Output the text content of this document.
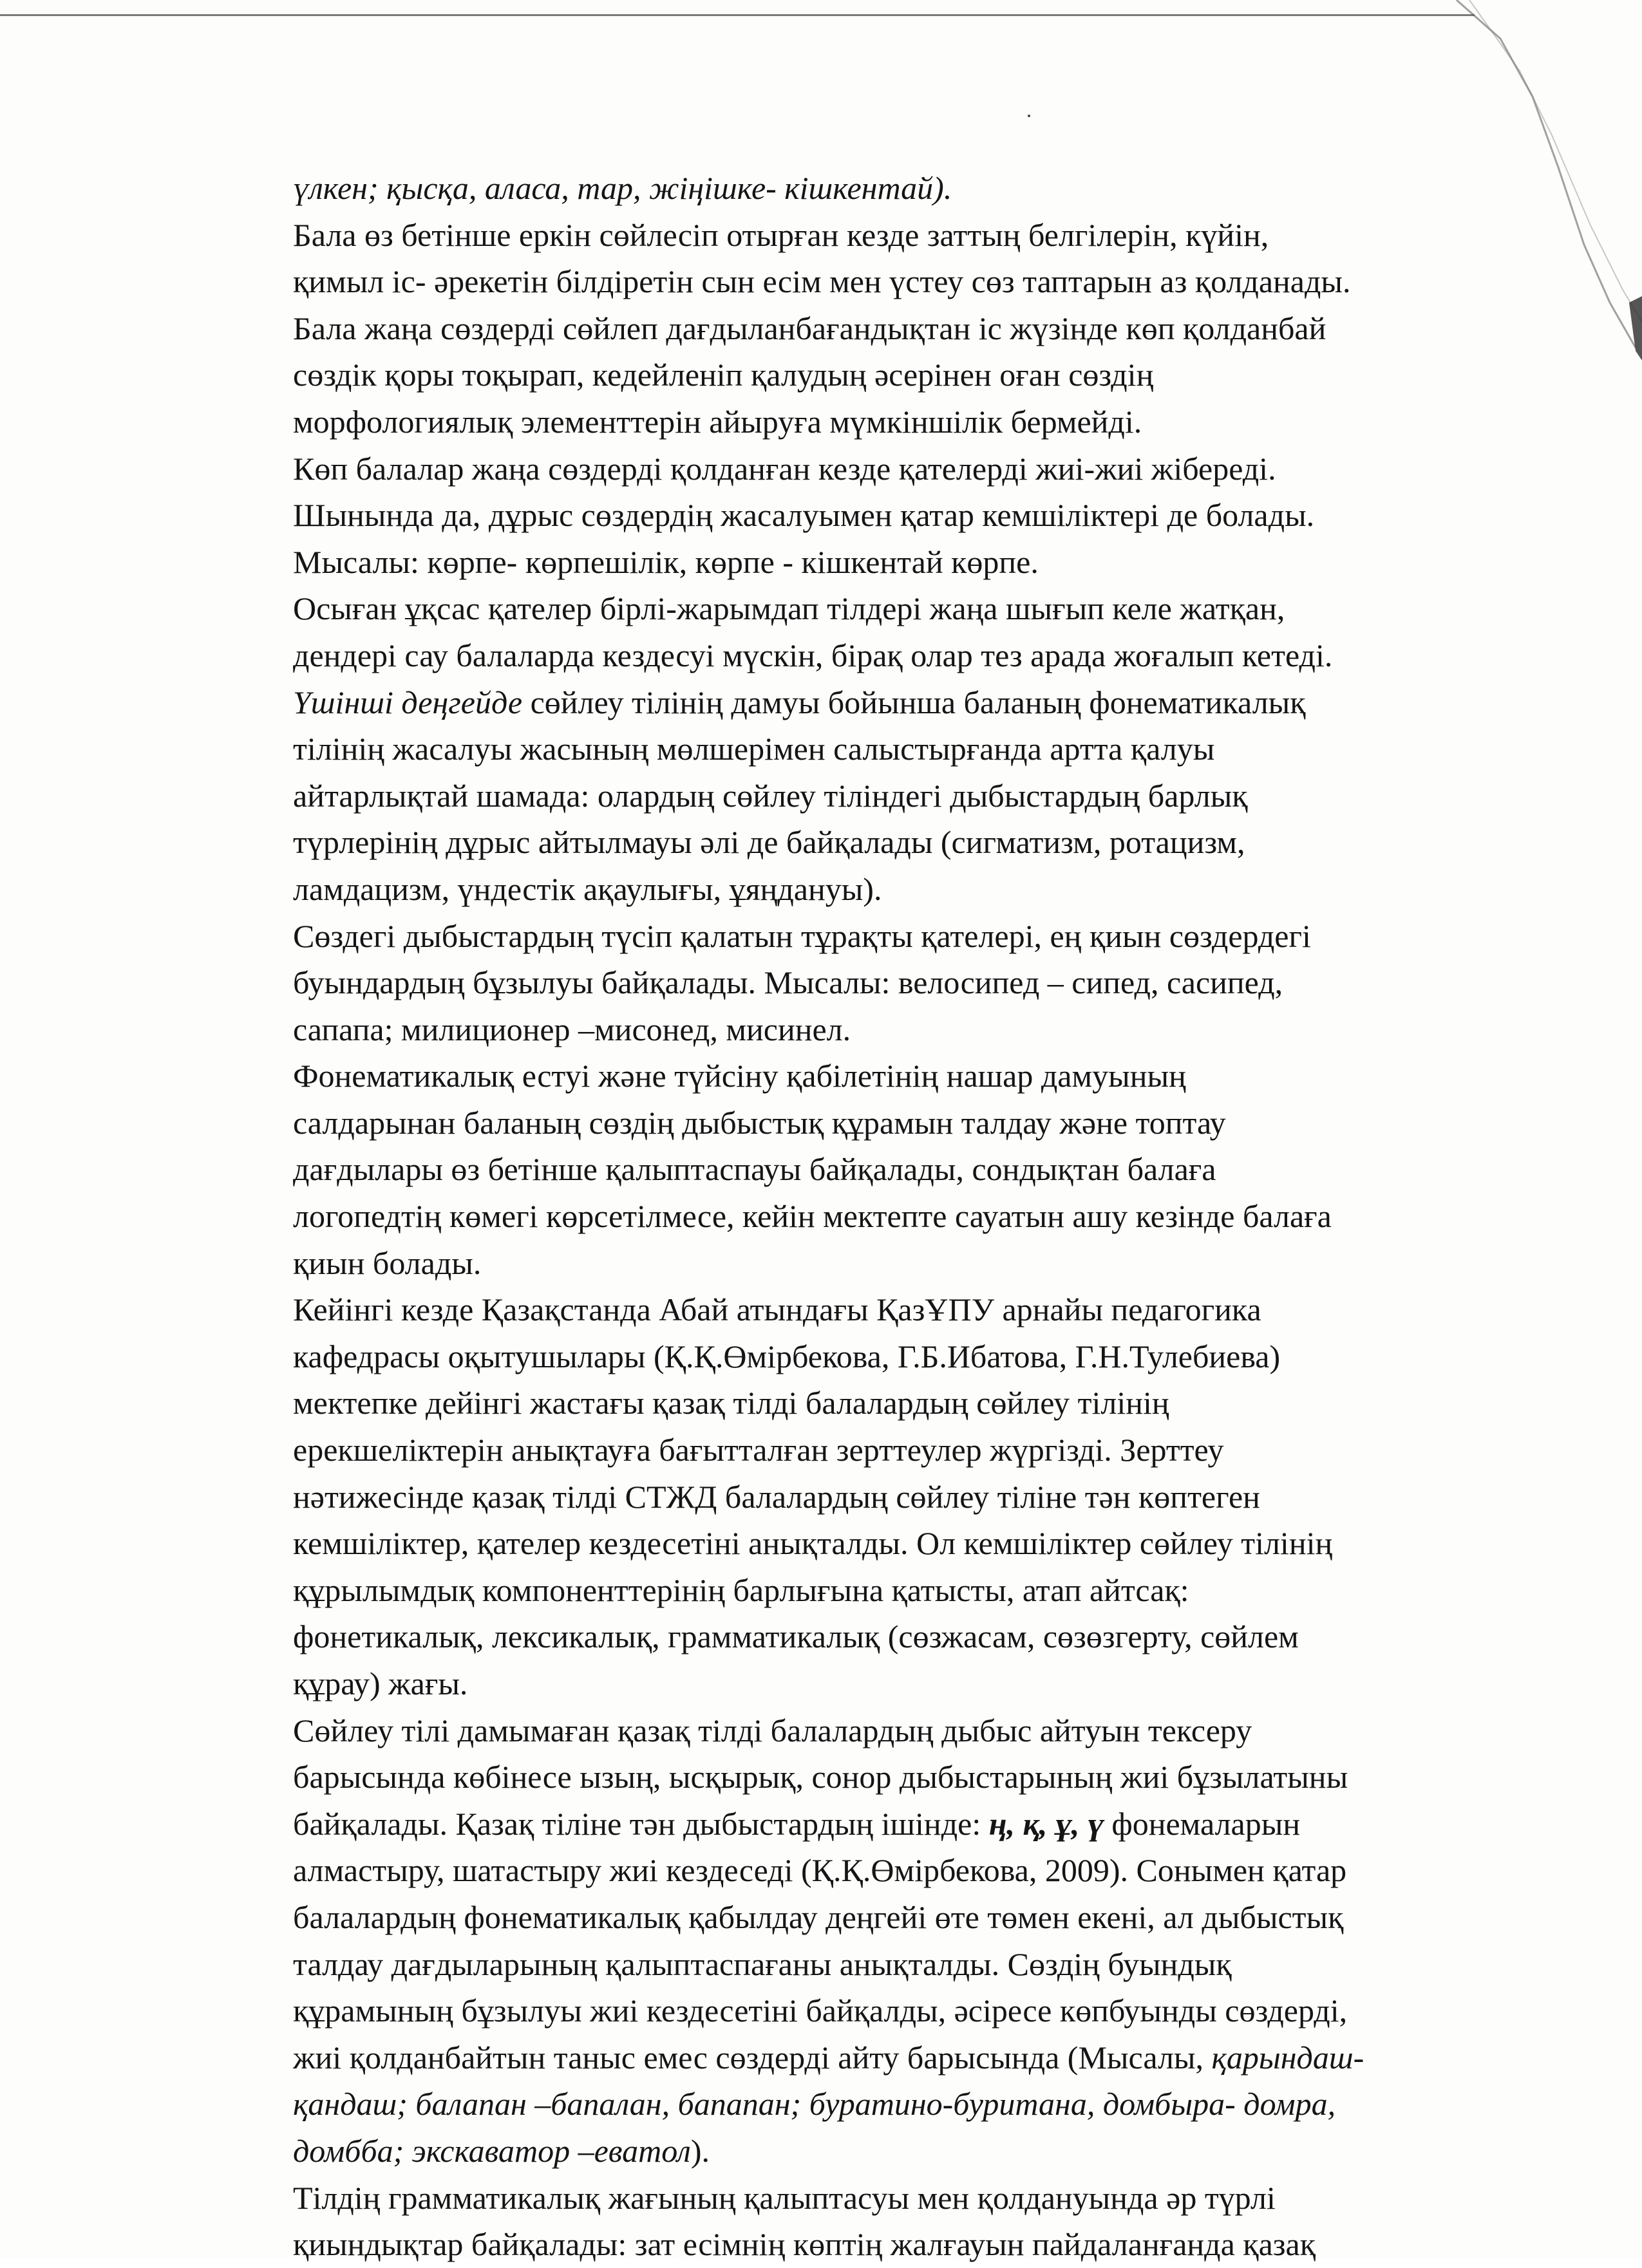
үлкен; қысқа, аласа, тар, жіңішке- кішкентай).
Бала өз бетінше еркін сөйлесіп отырған кезде заттың белгілерін, күйін,
қимыл іс- әрекетін білдіретін сын есім мен үстеу сөз таптарын аз қолданады.
Бала жаңа сөздерді сөйлеп дағдыланбағандықтан іс жүзінде көп қолданбай
сөздік қоры тоқырап, кедейленіп қалудың әсерінен оған сөздің
морфологиялық элементтерін айыруға мүмкіншілік бермейді.
Көп балалар жаңа сөздерді қолданған кезде қателерді жиі-жиі жібереді.
Шынында да, дұрыс сөздердің жасалуымен қатар кемшіліктері де болады.
Мысалы: көрпе- көрпешілік, көрпе - кішкентай көрпе.
Осыған ұқсас қателер бірлі-жарымдап тілдері жаңа шығып келе жатқан,
дендері сау балаларда кездесуі мүскін, бірақ олар тез арада жоғалып кетеді.
Үшінші деңгейде сөйлеу тілінің дамуы бойынша баланың фонематикалық
тілінің жасалуы жасының мөлшерімен салыстырғанда артта қалуы
айтарлықтай шамада: олардың сөйлеу тіліндегі дыбыстардың барлық
түрлерінің дұрыс айтылмауы әлі де байқалады (сигматизм, ротацизм,
ламдацизм, үндестік ақаулығы, ұяңдануы).
Сөздегі дыбыстардың түсіп қалатын тұрақты қателері, ең қиын сөздердегі
буындардың бұзылуы байқалады. Мысалы: велосипед – сипед, сасипед,
сапапа; милиционер –мисонед, мисинел.
Фонематикалық естуі және түйсіну қабілетінің нашар дамуының
салдарынан баланың сөздің дыбыстық құрамын талдау және топтау
дағдылары өз бетінше қалыптаспауы байқалады, сондықтан балаға
логопедтің көмегі көрсетілмесе, кейін мектепте сауатын ашу кезінде балаға
қиын болады.
Кейінгі кезде Қазақстанда Абай атындағы ҚазҰПУ арнайы педагогика
кафедрасы оқытушылары (Қ.Қ.Өмірбекова, Г.Б.Ибатова, Г.Н.Тулебиева)
мектепке дейінгі жастағы қазақ тілді балалардың сөйлеу тілінің
ерекшеліктерін анықтауға бағытталған зерттеулер жүргізді. Зерттеу
нәтижесінде қазақ тілді СТЖД балалардың сөйлеу тіліне тән көптеген
кемшіліктер, қателер кездесетіні анықталды. Ол кемшіліктер сөйлеу тілінің
құрылымдық компоненттерінің барлығына қатысты, атап айтсақ:
фонетикалық, лексикалық, грамматикалық (сөзжасам, сөзөзгерту, сөйлем
құрау) жағы.
Сөйлеу тілі дамымаған қазақ тілді балалардың дыбыс айтуын тексеру
барысында көбінесе ызың, ысқырық, сонор дыбыстарының жиі бұзылатыны
байқалады. Қазақ тіліне тән дыбыстардың ішінде: ң, қ, ұ, ү фонемаларын
алмастыру, шатастыру жиі кездеседі (Қ.Қ.Өмірбекова, 2009). Сонымен қатар
балалардың фонематикалық қабылдау деңгейі өте төмен екені, ал дыбыстық
талдау дағдыларының қалыптаспағаны анықталды. Сөздің буындық
құрамының бұзылуы жиі кездесетіні байқалды, әсіресе көпбуынды сөздерді,
жиі қолданбайтын таныс емес сөздерді айту барысында (Мысалы, қарындаш-
қандаш; балапан –бапалан, бапапан; буратино-буритана, домбыра- домра,
домбба; экскаватор –еватол).
Тілдің грамматикалық жағының қалыптасуы мен қолдануында әр түрлі
қиындықтар байқалады: зат есімнің көптің жалғауын пайдаланғанда қазақ
